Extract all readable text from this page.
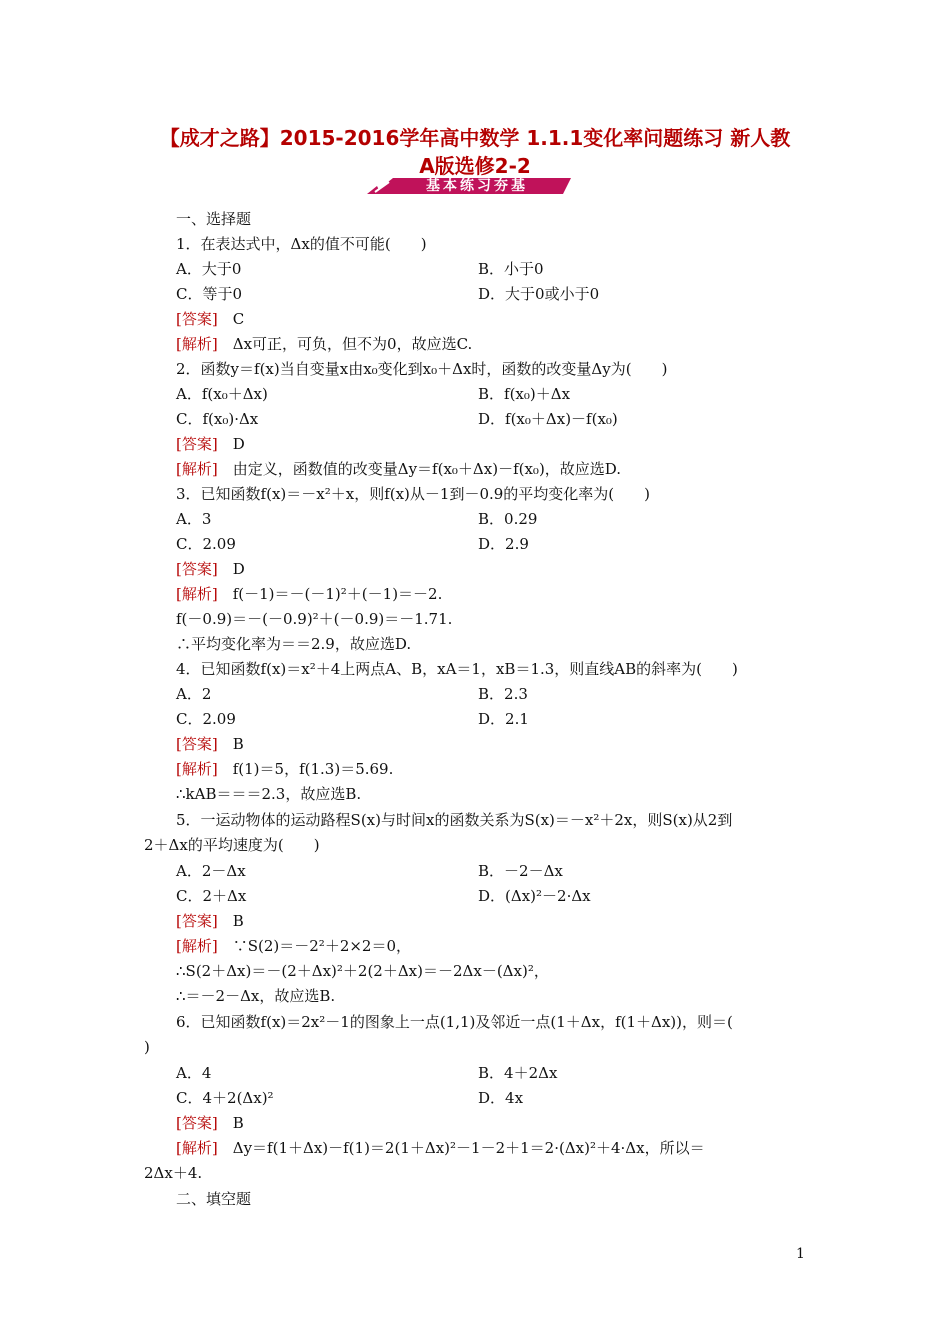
【成才之路】2015-2016学年高中数学 1.1.1变化率问题练习 新人教
A版选修2-2
基本练习夯基
一、选择题
1．在表达式中，Δx的值不可能(　　)
A．大于0	B．小于0
C．等于0	D．大于0或小于0
[答案]　 C
[解析]　 Δx可正，可负，但不为0，故应选C.
2．函数y＝f(x)当自变量x由x₀变化到x₀＋Δx时，函数的改变量Δy为(　　)
A．f(x₀＋Δx)	B．f(x₀)＋Δx
C．f(x₀)·Δx	D．f(x₀＋Δx)－f(x₀)
[答案]　 D
[解析]　 由定义，函数值的改变量Δy＝f(x₀＋Δx)－f(x₀)，故应选D.
3．已知函数f(x)＝－x²＋x，则f(x)从－1到－0.9的平均变化率为(　　)
A．3	B．0.29
C．2.09	D．2.9
[答案]　 D
[解析]　 f(－1)＝－(－1)²＋(－1)＝－2.
f(－0.9)＝－(－0.9)²＋(－0.9)＝－1.71.
∴平均变化率为＝＝2.9，故应选D.
4．已知函数f(x)＝x²＋4上两点A、B，xA＝1，xB＝1.3，则直线AB的斜率为(　　)
A．2	B．2.3
C．2.09	D．2.1
[答案]　 B
[解析]　 f(1)＝5，f(1.3)＝5.69.
∴kAB＝＝＝2.3，故应选B.
5．一运动物体的运动路程S(x)与时间x的函数关系为S(x)＝－x²＋2x，则S(x)从2到
2＋Δx的平均速度为(　　)
A．2－Δx	B．－2－Δx
C．2＋Δx	D．(Δx)²－2·Δx
[答案]　 B
[解析]　 ∵S(2)＝－2²＋2×2＝0，
∴S(2＋Δx)＝－(2＋Δx)²＋2(2＋Δx)＝－2Δx－(Δx)²，
∴＝－2－Δx，故应选B.
6．已知函数f(x)＝2x²－1的图象上一点(1,1)及邻近一点(1＋Δx，f(1＋Δx))，则＝(
)
A．4	B．4＋2Δx
C．4＋2(Δx)²	D．4x
[答案]　 B
[解析]　 Δy＝f(1＋Δx)－f(1)＝2(1＋Δx)²－1－2＋1＝2·(Δx)²＋4·Δx，所以＝
2Δx＋4.
二、填空题
1
